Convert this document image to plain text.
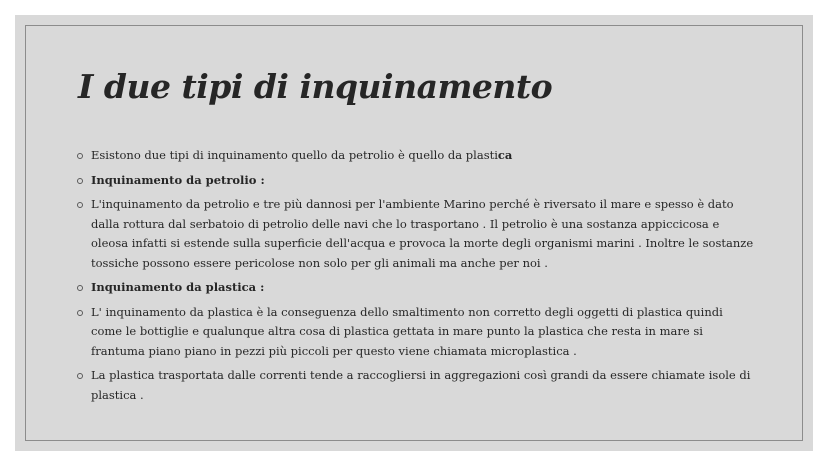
I due tipi di inquinamento
Esistono due tipi di inquinamento quello da petrolio è quello da plastica
Inquinamento da petrolio :
L'inquinamento da petrolio e tre più dannosi per l'ambiente Marino perché è riversato il mare e spesso è dato dalla rottura dal serbatoio di petrolio delle navi che lo trasportano . Il petrolio è una sostanza appiccicosa e oleosa infatti si estende sulla superficie dell'acqua e provoca la morte degli organismi marini . Inoltre le sostanze tossiche possono essere pericolose non solo per gli animali ma anche per noi .
Inquinamento da plastica :
L' inquinamento da plastica è la conseguenza dello smaltimento non corretto degli oggetti di plastica quindi come le bottiglie e qualunque altra cosa di plastica gettata in mare punto la plastica che resta in mare si frantuma piano piano in pezzi più piccoli per questo viene chiamata microplastica .
La plastica trasportata dalle correnti tende a raccogliersi in aggregazioni così grandi da essere chiamate isole di plastica .
